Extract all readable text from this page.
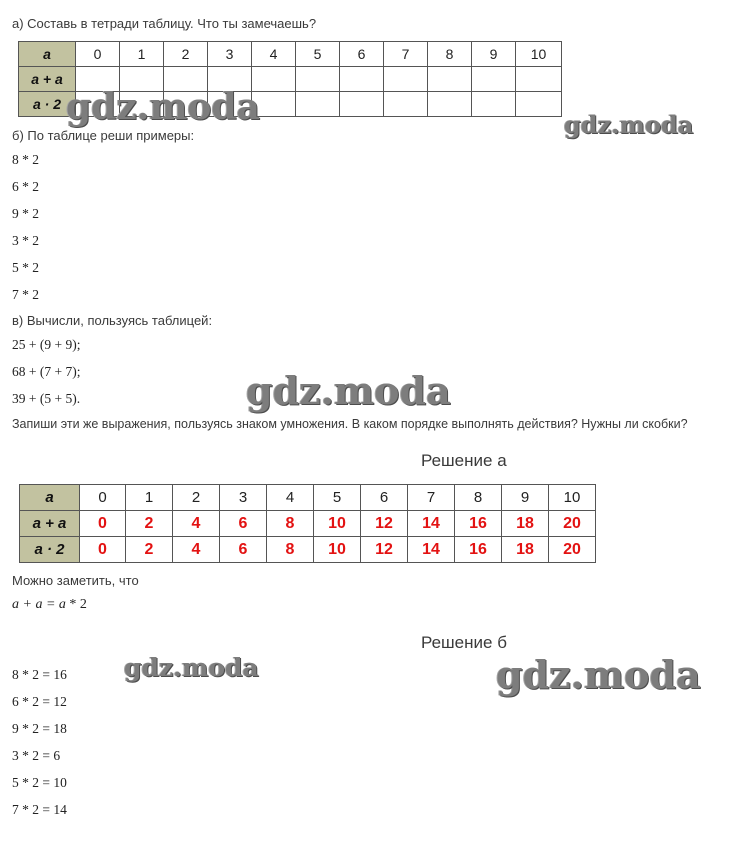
а) Составь в тетради таблицу. Что ты замечаешь?
a	0	1	2	3	4	5	6	7	8	9	10
a + a											
a · 2											
б) По таблице реши примеры:
8 * 2
6 * 2
9 * 2
3 * 2
5 * 2
7 * 2
в) Вычисли, пользуясь таблицей:
25 + (9 + 9);
68 + (7 + 7);
39 + (5 + 5).
Запиши эти же выражения, пользуясь знаком умножения. В каком порядке выполнять действия? Нужны ли скобки?
Решение а
a	0	1	2	3	4	5	6	7	8	9	10
a + a	0	2	4	6	8	10	12	14	16	18	20
a · 2	0	2	4	6	8	10	12	14	16	18	20
Можно заметить, что
a + a = a * 2
Решение б
8 * 2 = 16
6 * 2 = 12
9 * 2 = 18
3 * 2 = 6
5 * 2 = 10
7 * 2 = 14
gdz.moda	gdz.moda
gdz.moda
gdz.moda	gdz.moda
